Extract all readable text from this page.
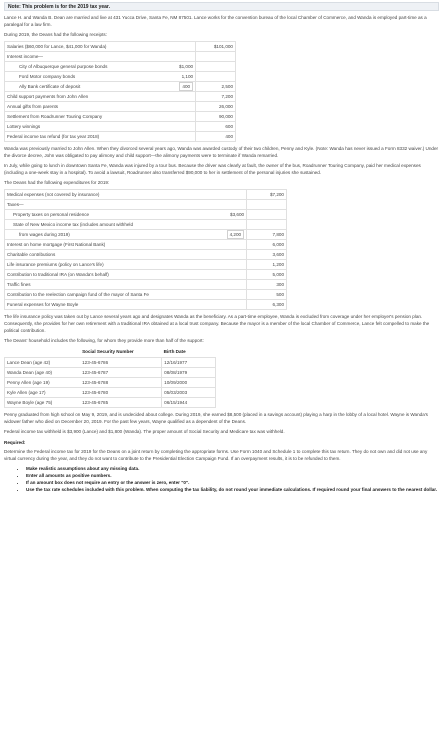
Note: This problem is for the 2019 tax year.

Lance H. and Wanda B. Dean are married and live at 431 Yucca Drive, Santa Fe, NM 87501. Lance works for the convention bureau of the local Chamber of Commerce, and Wanda is employed part-time as a paralegal for a law firm.

During 2019, the Deans had the following receipts:

Salaries ($60,000 for Lance, $41,000 for Wanda)		$101,000
Interest income—		
City of Albuquerque general purpose bonds	$1,000	
Ford Motor company bonds	1,100	
Ally Bank certificate of deposit	400	2,500
Child support payments from John Allen		7,200
Annual gifts from parents		26,000
Settlement from Roadrunner Touring Company		90,000
Lottery winnings		600
Federal income tax refund (for tax year 2018)		400

Wanda was previously married to John Allen. When they divorced several years ago, Wanda was awarded custody of their two children, Penny and Kyle. (Note: Wanda has never issued a Form 8332 waiver.) Under the divorce decree, John was obligated to pay alimony and child support—the alimony payments were to terminate if Wanda remarried.

In July, while going to lunch in downtown Santa Fe, Wanda was injured by a tour bus. Because the driver was clearly at fault, the owner of the bus, Roadrunner Touring Company, paid her medical expenses (including a one-week stay in a hospital). To avoid a lawsuit, Roadrunner also transferred $90,000 to her in settlement of the personal injuries she sustained.

The Deans had the following expenditures for 2019:

Medical expenses (not covered by insurance)		$7,200
Taxes—		
Property taxes on personal residence	$3,600	
State of New Mexico income tax (includes amount withheld		
from wages during 2019)	4,200	7,800
Interest on home mortgage (First National Bank)		6,000
Charitable contributions		3,600
Life insurance premiums (policy on Lance's life)		1,200
Contribution to traditional IRA (on Wanda's behalf)		5,000
Traffic fines		300
Contribution to the reelection campaign fund of the mayor of Santa Fe		500
Funeral expenses for Wayne Boyle		6,300

The life insurance policy was taken out by Lance several years ago and designates Wanda as the beneficiary. As a part-time employee, Wanda is excluded from coverage under her employer's pension plan. Consequently, she provides for her own retirement with a traditional IRA obtained at a local trust company. Because the mayor is a member of the local Chamber of Commerce, Lance felt compelled to make the political contribution.

The Deans' household includes the following, for whom they provide more than half of the support:

	Social Security Number	Birth Date
Lance Dean (age 42)	123-45-6786	12/16/1977
Wanda Dean (age 40)	123-45-6787	08/08/1979
Penny Allen (age 19)	123-45-6788	10/09/2000
Kyle Allen (age 17)	123-45-6780	05/03/2003
Wayne Boyle (age 75)	123-45-6785	06/15/1944

Penny graduated from high school on May 9, 2019, and is undecided about college. During 2019, she earned $8,500 (placed in a savings account) playing a harp in the lobby of a local hotel. Wayne is Wanda's widower father who died on December 20, 2019. For the past few years, Wayne qualified as a dependent of the Deans.

Federal income tax withheld is $3,900 (Lance) and $1,800 (Wanda). The proper amount of Social Security and Medicare tax was withheld.

Required:

Determine the Federal income tax for 2019 for the Deans on a joint return by completing the appropriate forms. Use Form 1040 and Schedule 1 to complete this tax return. They do not own and did not use any virtual currency during the year, and they do not want to contribute to the Presidential Election Campaign Fund. If an overpayment results, it is to be refunded to them.

• Make realistic assumptions about any missing data.
• Enter all amounts as positive numbers.
• If an amount box does not require an entry or the answer is zero, enter "0".
• Use the tax rate schedules included with this problem. When computing the tax liability, do not round your immediate calculations. If required round your final answers to the nearest dollar.
